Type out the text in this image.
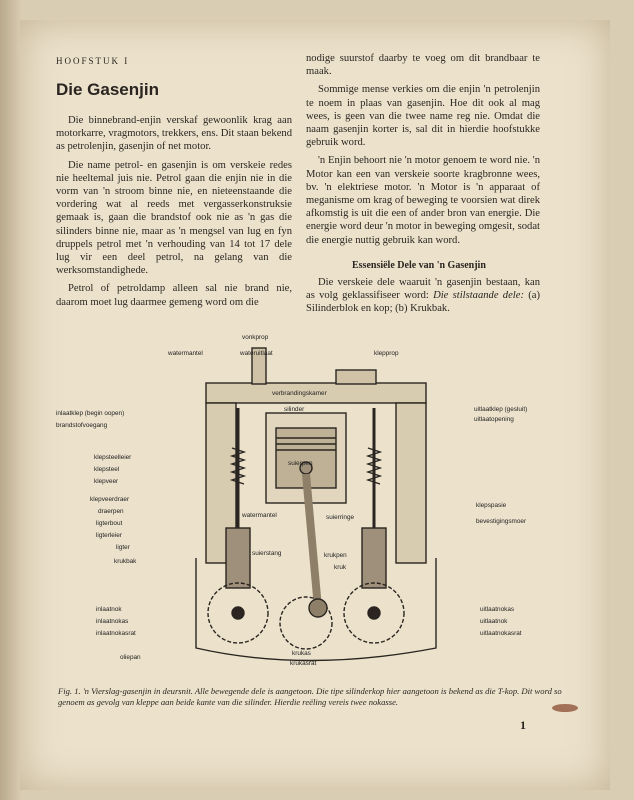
HOOFSTUK I
Die Gasenjin

Die binnebrand-enjin verskaf gewoonlik krag aan motorkarre, vragmotors, trekkers, ens. Dit staan bekend as petrolenjin, gasenjin of net motor.

Die name petrol- en gasenjin is om verskeie redes nie heeltemal juis nie. Petrol gaan die enjin nie in die vorm van 'n stroom binne nie, en nieteenstaande die vordering wat al reeds met vergasserkonstruksie gemaak is, gaan die brandstof ook nie as 'n gas die silinders binne nie, maar as 'n mengsel van lug en fyn druppels petrol met 'n verhouding van 14 tot 17 dele lug vir een deel petrol, na gelang van die werksomstandighede.

Petrol of petroldamp alleen sal nie brand nie, daarom moet lug daarmee gemeng word om die

nodige suurstof daarby te voeg om dit brandbaar te maak.

Sommige mense verkies om die enjin 'n petrolenjin te noem in plaas van gasenjin. Hoe dit ook al mag wees, is geen van die twee name reg nie. Omdat die naam gasenjin korter is, sal dit in hierdie hoofstukke gebruik word.

'n Enjin behoort nie 'n motor genoem te word nie. 'n Motor kan een van verskeie soorte kragbronne wees, bv. 'n elektriese motor. 'n Motor is 'n apparaat of meganisme om krag of beweging te voorsien wat direk afkomstig is uit die een of ander bron van energie. Die energie word deur 'n motor in beweging omgesit, sodat die energie nuttig gebruik kan word.

Essensiële Dele van 'n Gasenjin

Die verskeie dele waaruit 'n gasenjin bestaan, kan as volg geklassifiseer word: Die stilstaande dele: (a) Silinderblok en kop; (b) Krukbak.

vonkprop
watermantel	wateruitlaat	klepprop
verbrandingskamer
silinder
inlaatklep (begin oopen)
brandstofvoegang
uitlaatklep (gesluit)
uitlaatopening
suierpen
klepsteelleier
klepsteel
klepveer
klepveerdraer
draerpen
ligterbout
ligterleier
ligter
krukbak
watermantel	suierringe
suierstang	krukpen
kruk
klepspasie
bevestigingsmoer
inlaatnok
inlaatnokas
inlaatnokasrat
oliepan
krukas
krukasrat
uitlaatnokas
uitlaatnok
uitlaatnokasrat
Fig. 1. 'n Vierslag-gasenjin in deursnit. Alle bewegende dele is aangetoon. Die tipe silinderkop hier aangetoon is bekend as die T-kop. Dit word so genoem as gevolg van kleppe aan beide kante van die silinder. Hierdie reëling vereis twee nokasse.
1
